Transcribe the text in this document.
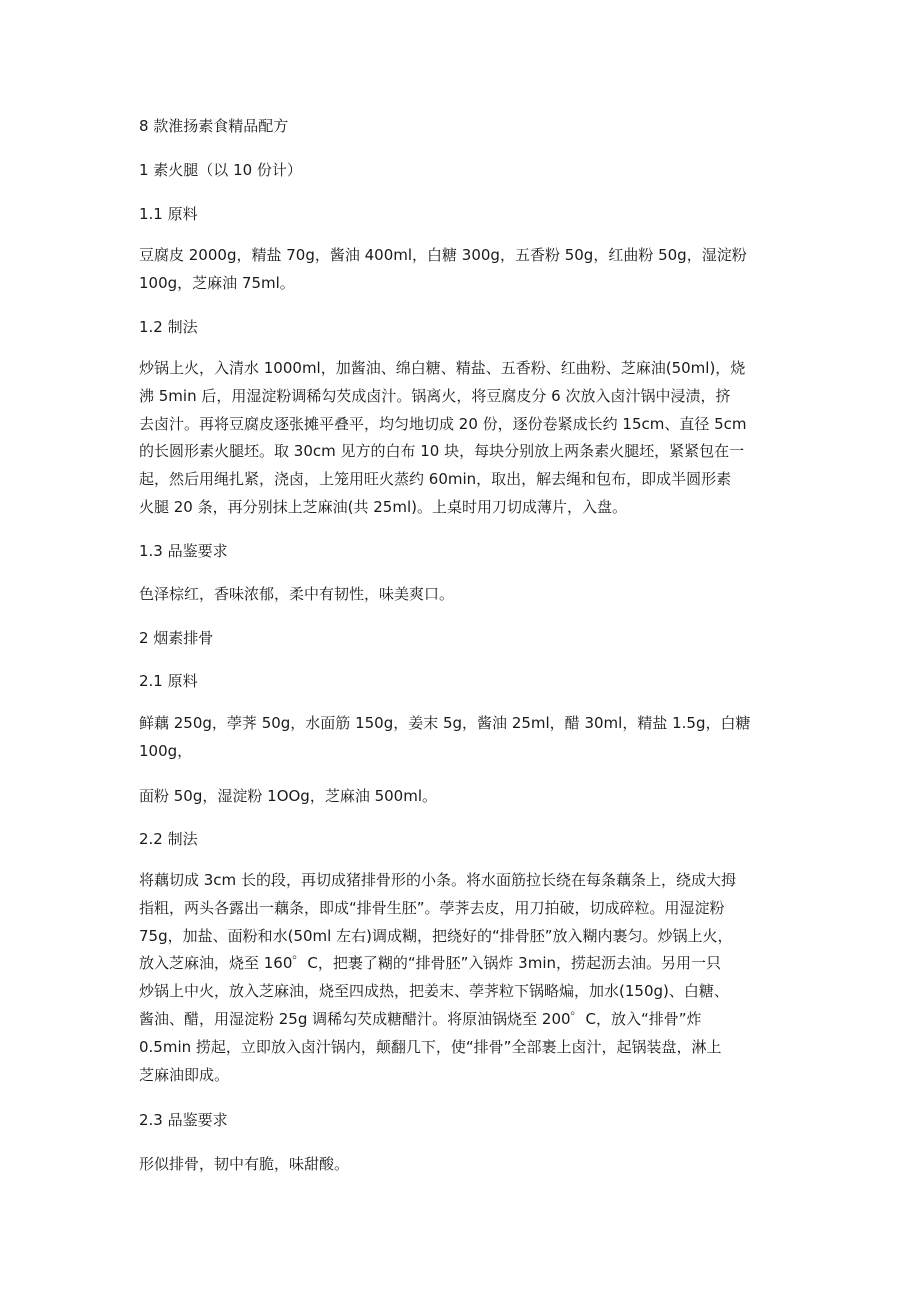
8 款淮扬素食精品配方

1 素火腿（以 10 份计）

1.1 原料

豆腐皮 2000g，精盐 70g，酱油 400ml，白糖 300g，五香粉 50g，红曲粉 50g，湿淀粉
100g，芝麻油 75ml。

1.2 制法

炒锅上火，入清水 1000ml，加酱油、绵白糖、精盐、五香粉、红曲粉、芝麻油(50ml)，烧
沸 5min 后，用湿淀粉调稀勾芡成卤汁。锅离火，将豆腐皮分 6 次放入卤汁锅中浸渍，挤
去卤汁。再将豆腐皮逐张摊平叠平，均匀地切成 20 份，逐份卷紧成长约 15cm、直径 5cm
的长圆形素火腿坯。取 30cm 见方的白布 10 块，每块分别放上两条素火腿坯，紧紧包在一
起，然后用绳扎紧，浇卤，上笼用旺火蒸约 60min，取出，解去绳和包布，即成半圆形素
火腿 20 条，再分别抹上芝麻油(共 25ml)。上桌时用刀切成薄片，入盘。

1.3 品鉴要求

色泽棕红，香味浓郁，柔中有韧性，味美爽口。

2 烟素排骨

2.1 原料

鲜藕 250g，荸荠 50g，水面筋 150g，姜末 5g，酱油 25ml，醋 30ml，精盐 1.5g，白糖
100g，

面粉 50g，湿淀粉 1OOg，芝麻油 500ml。

2.2 制法

将藕切成 3cm 长的段，再切成猪排骨形的小条。将水面筋拉长绕在每条藕条上，绕成大拇
指粗，两头各露出一藕条，即成“排骨生胚”。荸荠去皮，用刀拍破，切成碎粒。用湿淀粉
75g，加盐、面粉和水(50ml 左右)调成糊，把绕好的“排骨胚”放入糊内裹匀。炒锅上火，
放入芝麻油，烧至 160゜C，把裹了糊的“排骨胚”入锅炸 3min，捞起沥去油。另用一只
炒锅上中火，放入芝麻油，烧至四成热，把姜末、荸荠粒下锅略煸，加水(150g)、白糖、
酱油、醋，用湿淀粉 25g 调稀勾芡成糖醋汁。将原油锅烧至 200゜C，放入“排骨”炸
0.5min 捞起，立即放入卤汁锅内，颠翻几下，使“排骨”全部裹上卤汁，起锅装盘，淋上
芝麻油即成。

2.3 品鉴要求

形似排骨，韧中有脆，味甜酸。
